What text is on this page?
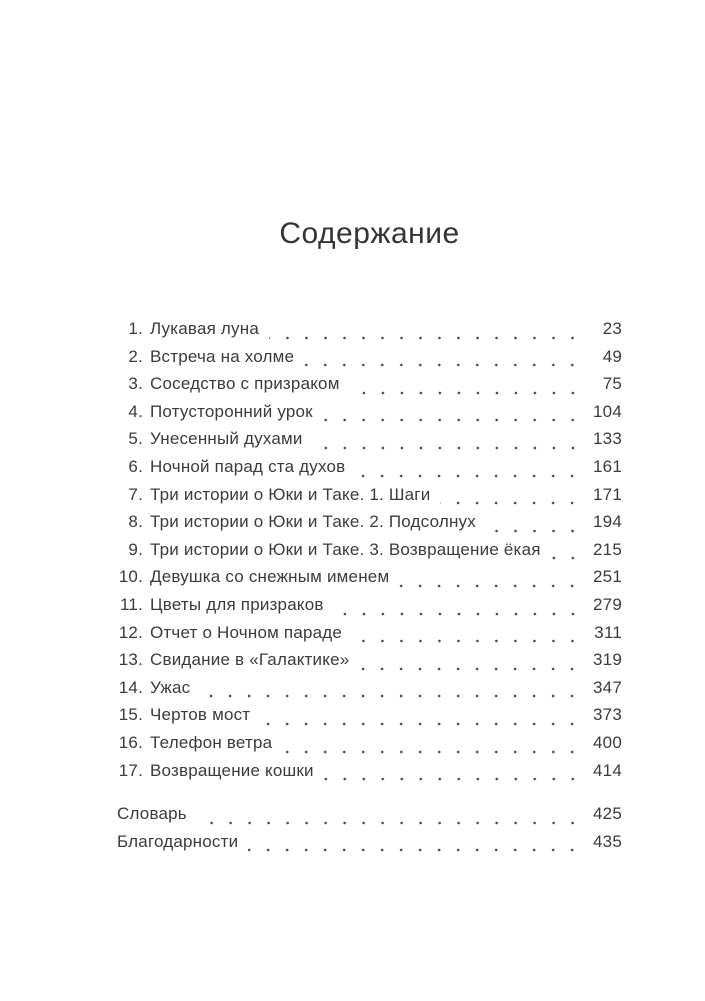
Содержание
1. Лукавая луна	23
2. Встреча на холме	49
3. Соседство с призраком	75
4. Потусторонний урок	104
5. Унесенный духами	133
6. Ночной парад ста духов	161
7. Три истории о Юки и Таке. 1. Шаги	171
8. Три истории о Юки и Таке. 2. Подсолнух	194
9. Три истории о Юки и Таке. 3. Возвращение ёкая	215
10. Девушка со снежным именем	251
11. Цветы для призраков	279
12. Отчет о Ночном параде	311
13. Свидание в «Галактике»	319
14. Ужас	347
15. Чертов мост	373
16. Телефон ветра	400
17. Возвращение кошки	414
Словарь	425
Благодарности	435
